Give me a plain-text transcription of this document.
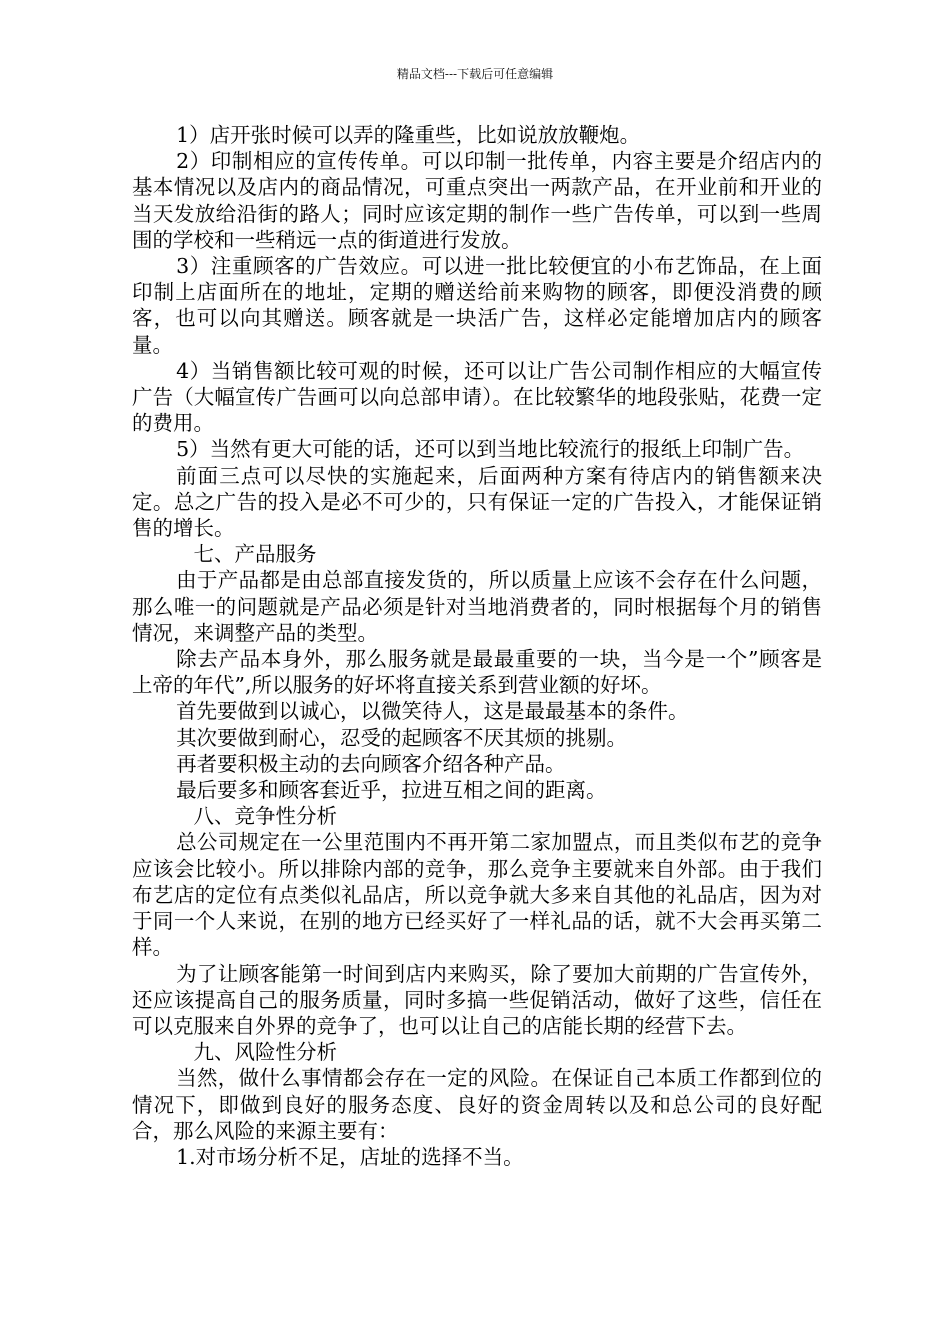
精品文档---下载后可任意编辑

1）店开张时候可以弄的隆重些，比如说放放鞭炮。

2）印制相应的宣传传单。可以印制一批传单，内容主要是介绍店内的基本情况以及店内的商品情况，可重点突出一两款产品，在开业前和开业的当天发放给沿街的路人；同时应该定期的制作一些广告传单，可以到一些周围的学校和一些稍远一点的街道进行发放。

3）注重顾客的广告效应。可以进一批比较便宜的小布艺饰品，在上面印制上店面所在的地址，定期的赠送给前来购物的顾客，即便没消费的顾客，也可以向其赠送。顾客就是一块活广告，这样必定能增加店内的顾客量。

4）当销售额比较可观的时候，还可以让广告公司制作相应的大幅宣传广告（大幅宣传广告画可以向总部申请）。在比较繁华的地段张贴，花费一定的费用。

5）当然有更大可能的话，还可以到当地比较流行的报纸上印制广告。

前面三点可以尽快的实施起来，后面两种方案有待店内的销售额来决定。总之广告的投入是必不可少的，只有保证一定的广告投入，才能保证销售的增长。

七、产品服务

由于产品都是由总部直接发货的，所以质量上应该不会存在什么问题，那么唯一的问题就是产品必须是针对当地消费者的，同时根据每个月的销售情况，来调整产品的类型。

除去产品本身外，那么服务就是最最重要的一块，当今是一个”顾客是上帝的年代”,所以服务的好坏将直接关系到营业额的好坏。

首先要做到以诚心，以微笑待人，这是最最基本的条件。

其次要做到耐心，忍受的起顾客不厌其烦的挑剔。

再者要积极主动的去向顾客介绍各种产品。

最后要多和顾客套近乎，拉进互相之间的距离。

八、竞争性分析

总公司规定在一公里范围内不再开第二家加盟点，而且类似布艺的竞争应该会比较小。所以排除内部的竞争，那么竞争主要就来自外部。由于我们布艺店的定位有点类似礼品店，所以竞争就大多来自其他的礼品店，因为对于同一个人来说，在别的地方已经买好了一样礼品的话，就不大会再买第二样。

为了让顾客能第一时间到店内来购买，除了要加大前期的广告宣传外，还应该提高自己的服务质量，同时多搞一些促销活动，做好了这些，信任在可以克服来自外界的竞争了，也可以让自己的店能长期的经营下去。

九、风险性分析

当然，做什么事情都会存在一定的风险。在保证自己本质工作都到位的情况下，即做到良好的服务态度、良好的资金周转以及和总公司的良好配合，那么风险的来源主要有：

1.对市场分析不足，店址的选择不当。
